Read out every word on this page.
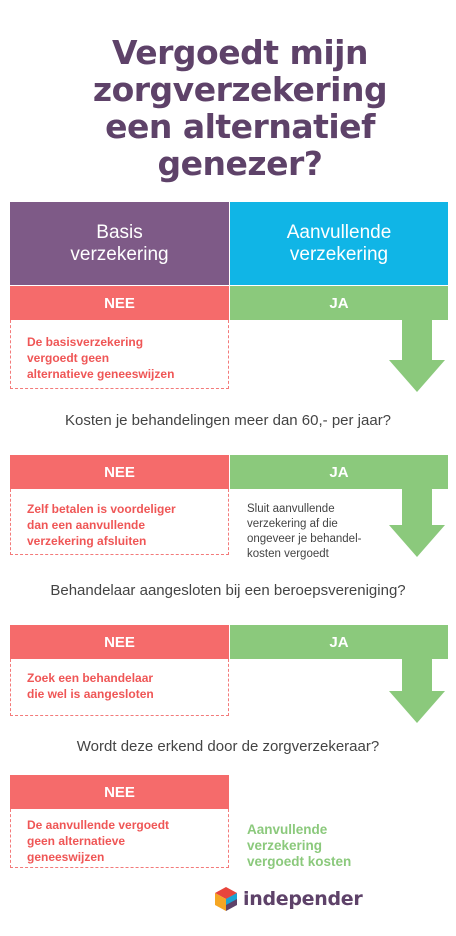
Vergoedt mijn
zorgverzekering
een alternatief
genezer?
Basis
verzekering
Aanvullende
verzekering
NEE	JA
De basisverzekering
vergoedt geen
alternatieve geneeswijzen
Kosten je behandelingen meer dan 60,- per jaar?
NEE	JA
Zelf betalen is voordeliger
dan een aanvullende
verzekering afsluiten
Sluit aanvullende
verzekering af die
ongeveer je behandel-
kosten vergoedt
Behandelaar aangesloten bij een beroepsvereniging?
NEE	JA
Zoek een behandelaar
die wel is aangesloten
Wordt deze erkend door de zorgverzekeraar?
NEE
De aanvullende vergoedt
geen alternatieve
geneeswijzen
Aanvullende
verzekering
vergoedt kosten
independer
